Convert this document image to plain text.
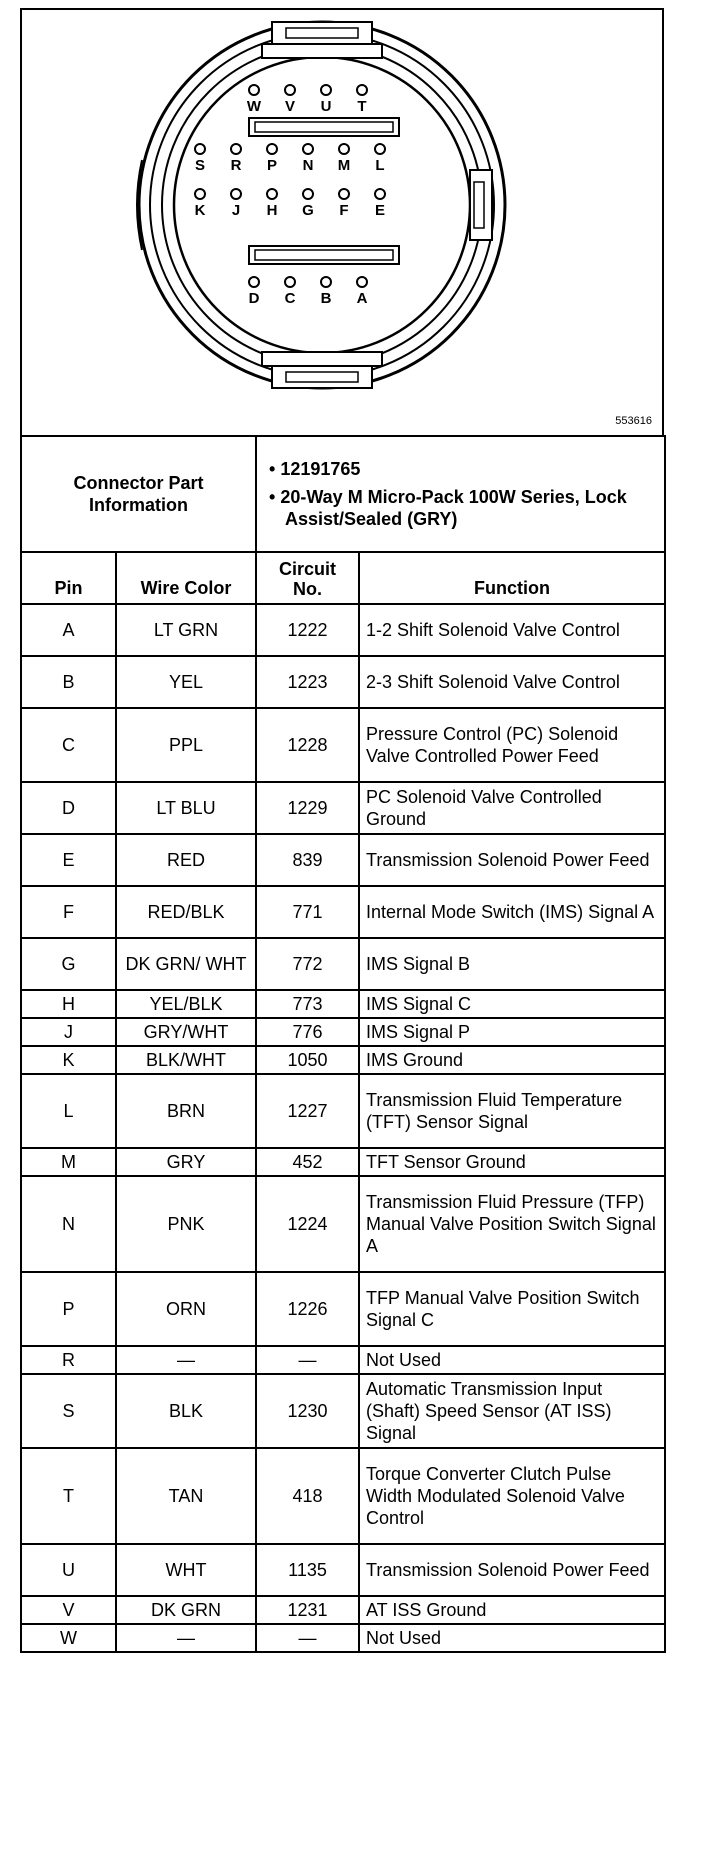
W V U T
S R P N M L
K J H G F E
D C B A
553616
Connector Part Information		• 12191765
• 20-Way M Micro-Pack 100W Series, Lock Assist/Sealed (GRY)	

Pin	Wire Color	Circuit No.	Function
A	LT GRN	1222	1-2 Shift Solenoid Valve Control
B	YEL	1223	2-3 Shift Solenoid Valve Control
C	PPL	1228	Pressure Control (PC) Solenoid Valve Controlled Power Feed
D	LT BLU	1229	PC Solenoid Valve Controlled Ground
E	RED	839	Transmission Solenoid Power Feed
F	RED/BLK	771	Internal Mode Switch (IMS) Signal A
G	DK GRN/ WHT	772	IMS Signal B
H	YEL/BLK	773	IMS Signal C
J	GRY/WHT	776	IMS Signal P
K	BLK/WHT	1050	IMS Ground
L	BRN	1227	Transmission Fluid Temperature (TFT) Sensor Signal
M	GRY	452	TFT Sensor Ground
N	PNK	1224	Transmission Fluid Pressure (TFP) Manual Valve Position Switch Signal A
P	ORN	1226	TFP Manual Valve Position Switch Signal C
R	—	—	Not Used
S	BLK	1230	Automatic Transmission Input (Shaft) Speed Sensor (AT ISS) Signal
T	TAN	418	Torque Converter Clutch Pulse Width Modulated Solenoid Valve Control
U	WHT	1135	Transmission Solenoid Power Feed
V	DK GRN	1231	AT ISS Ground
W	—	—	Not Used
